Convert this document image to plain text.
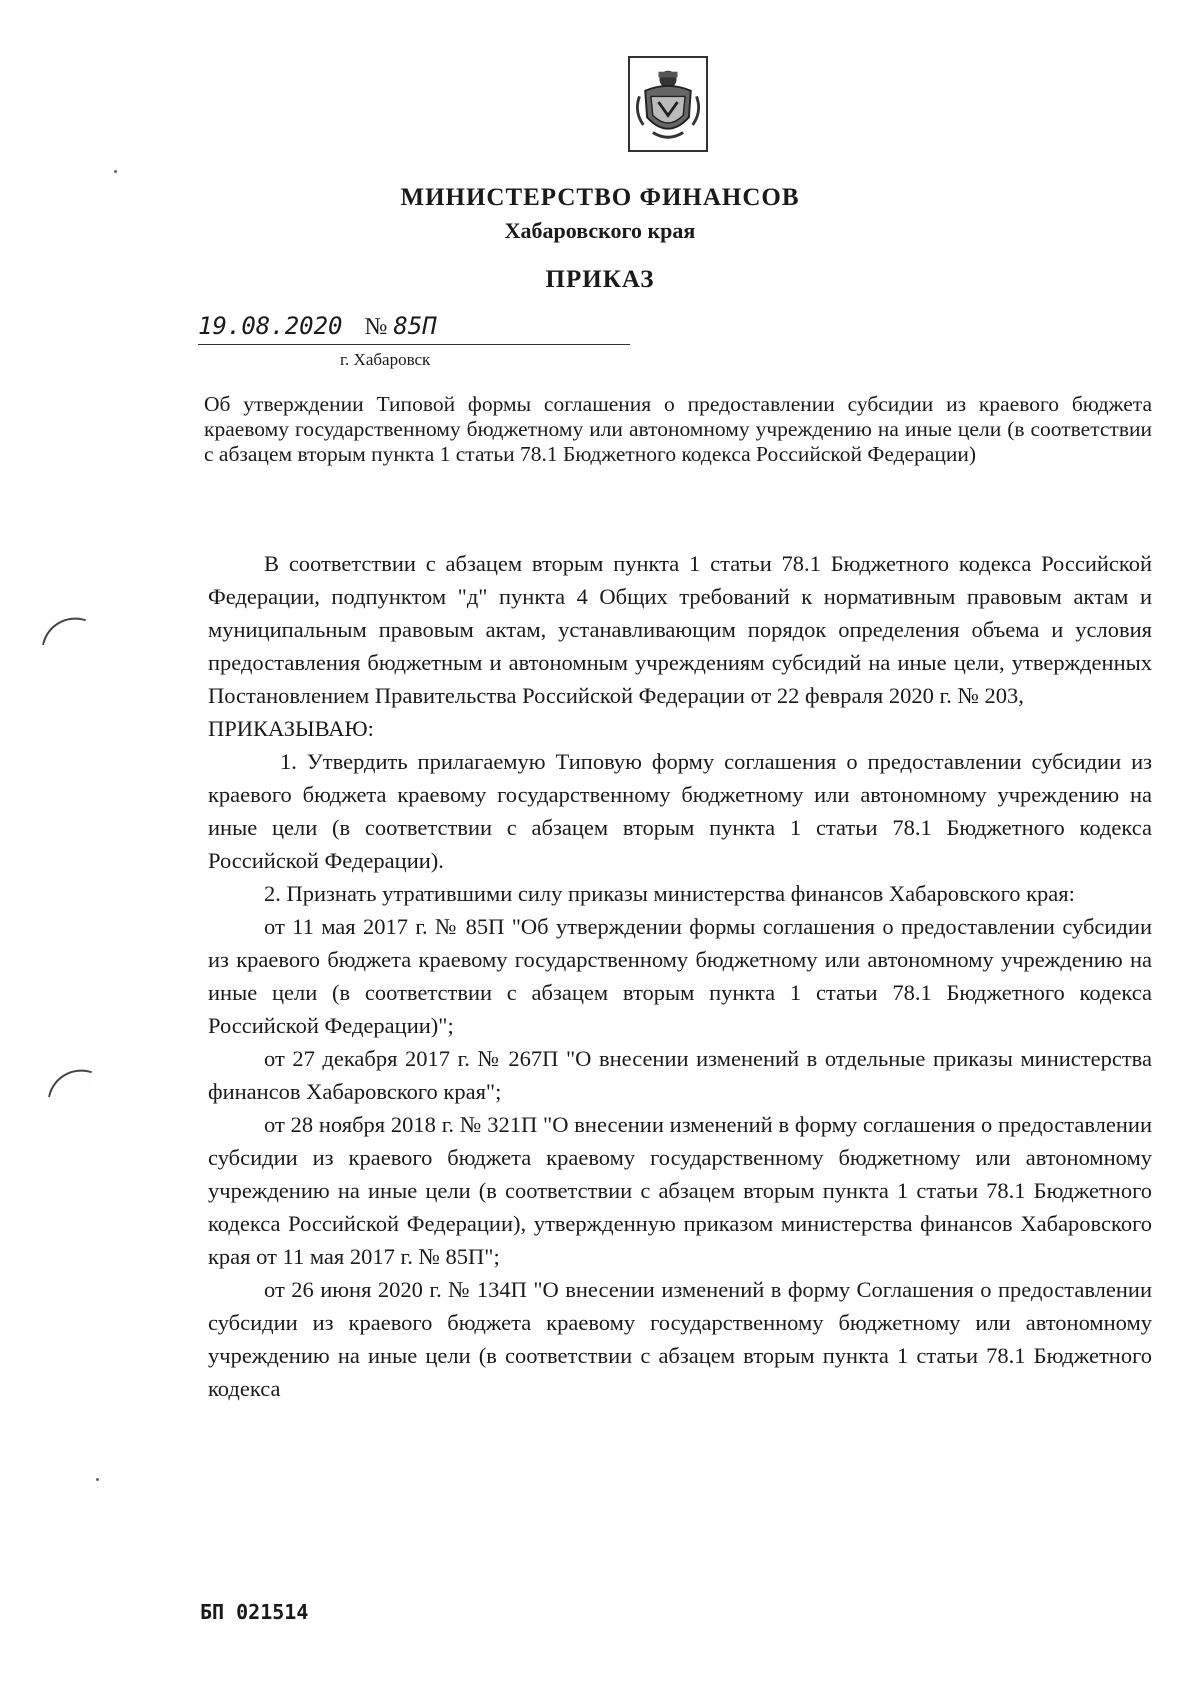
МИНИСТЕРСТВО ФИНАНСОВ
Хабаровского края
ПРИКАЗ
19.08.2020 № 85П
г. Хабаровск
Об утверждении Типовой формы соглашения о предоставлении субсидии из краевого бюджета краевому государственному бюджетному или автономному учреждению на иные цели (в соответствии с абзацем вторым пункта 1 статьи 78.1 Бюджетного кодекса Российской Федерации)

В соответствии с абзацем вторым пункта 1 статьи 78.1 Бюджетного кодекса Российской Федерации, подпунктом "д" пункта 4 Общих требований к нормативным правовым актам и муниципальным правовым актам, устанавливающим порядок определения объема и условия предоставления бюджетным и автономным учреждениям субсидий на иные цели, утвержденных Постановлением Правительства Российской Федерации от 22 февраля 2020 г. № 203,

ПРИКАЗЫВАЮ:

1. Утвердить прилагаемую Типовую форму соглашения о предоставлении субсидии из краевого бюджета краевому государственному бюджетному или автономному учреждению на иные цели (в соответствии с абзацем вторым пункта 1 статьи 78.1 Бюджетного кодекса Российской Федерации).

2. Признать утратившими силу приказы министерства финансов Хабаровского края:

от 11 мая 2017 г. № 85П "Об утверждении формы соглашения о предоставлении субсидии из краевого бюджета краевому государственному бюджетному или автономному учреждению на иные цели (в соответствии с абзацем вторым пункта 1 статьи 78.1 Бюджетного кодекса Российской Федерации)";

от 27 декабря 2017 г. № 267П "О внесении изменений в отдельные приказы министерства финансов Хабаровского края";

от 28 ноября 2018 г. № 321П "О внесении изменений в форму соглашения о предоставлении субсидии из краевого бюджета краевому государственному бюджетному или автономному учреждению на иные цели (в соответствии с абзацем вторым пункта 1 статьи 78.1 Бюджетного кодекса Российской Федерации), утвержденную приказом министерства финансов Хабаровского края от 11 мая 2017 г. № 85П";

от 26 июня 2020 г. № 134П "О внесении изменений в форму Соглашения о предоставлении субсидии из краевого бюджета краевому государственному бюджетному или автономному учреждению на иные цели (в соответствии с абзацем вторым пункта 1 статьи 78.1 Бюджетного кодекса

БП 021514
